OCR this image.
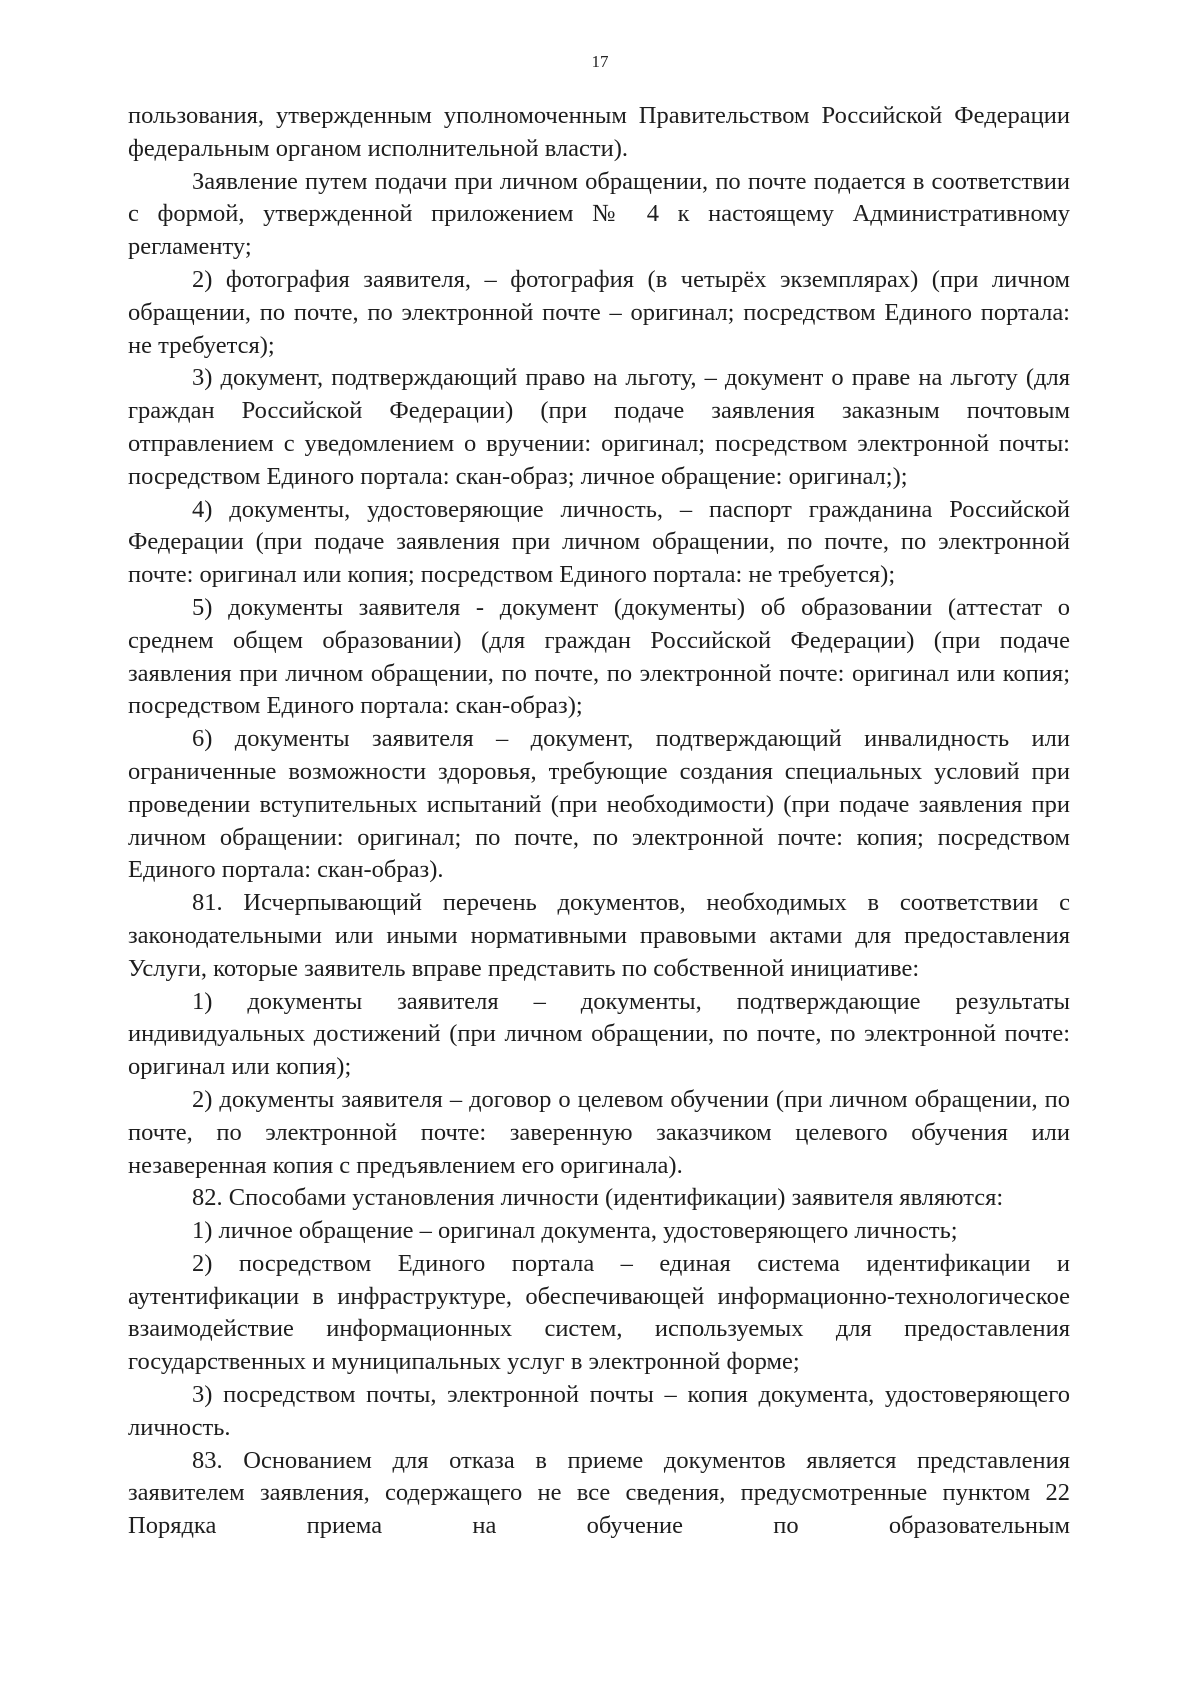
17

пользования, утвержденным уполномоченным Правительством Российской Федерации федеральным органом исполнительной власти).

Заявление путем подачи при личном обращении, по почте подается в соответствии с формой, утвержденной приложением № 4 к настоящему Административному регламенту;

2) фотография заявителя, – фотография (в четырёх экземплярах) (при личном обращении, по почте, по электронной почте – оригинал; посредством Единого портала: не требуется);

3) документ, подтверждающий право на льготу, – документ о праве на льготу (для граждан Российской Федерации) (при подаче заявления заказным почтовым отправлением с уведомлением о вручении: оригинал; посредством электронной почты: посредством Единого портала: скан-образ; личное обращение: оригинал;);

4) документы, удостоверяющие личность, – паспорт гражданина Российской Федерации (при подаче заявления при личном обращении, по почте, по электронной почте: оригинал или копия; посредством Единого портала: не требуется);

5) документы заявителя - документ (документы) об образовании (аттестат о среднем общем образовании) (для граждан Российской Федерации) (при подаче заявления при личном обращении, по почте, по электронной почте: оригинал или копия; посредством Единого портала: скан-образ);

6) документы заявителя – документ, подтверждающий инвалидность или ограниченные возможности здоровья, требующие создания специальных условий при проведении вступительных испытаний (при необходимости) (при подаче заявления при личном обращении: оригинал; по почте, по электронной почте: копия; посредством Единого портала: скан-образ).

81. Исчерпывающий перечень документов, необходимых в соответствии с законодательными или иными нормативными правовыми актами для предоставления Услуги, которые заявитель вправе представить по собственной инициативе:

1) документы заявителя – документы, подтверждающие результаты индивидуальных достижений (при личном обращении, по почте, по электронной почте: оригинал или копия);

2) документы заявителя – договор о целевом обучении (при личном обращении, по почте, по электронной почте: заверенную заказчиком целевого обучения или незаверенная копия с предъявлением его оригинала).

82. Способами установления личности (идентификации) заявителя являются:

1) личное обращение – оригинал документа, удостоверяющего личность;

2) посредством Единого портала – единая система идентификации и аутентификации в инфраструктуре, обеспечивающей информационно-технологическое взаимодействие информационных систем, используемых для предоставления государственных и муниципальных услуг в электронной форме;

3) посредством почты, электронной почты – копия документа, удостоверяющего личность.

83. Основанием для отказа в приеме документов является представления заявителем заявления, содержащего не все сведения, предусмотренные пунктом 22 Порядка приема на обучение по образовательным
